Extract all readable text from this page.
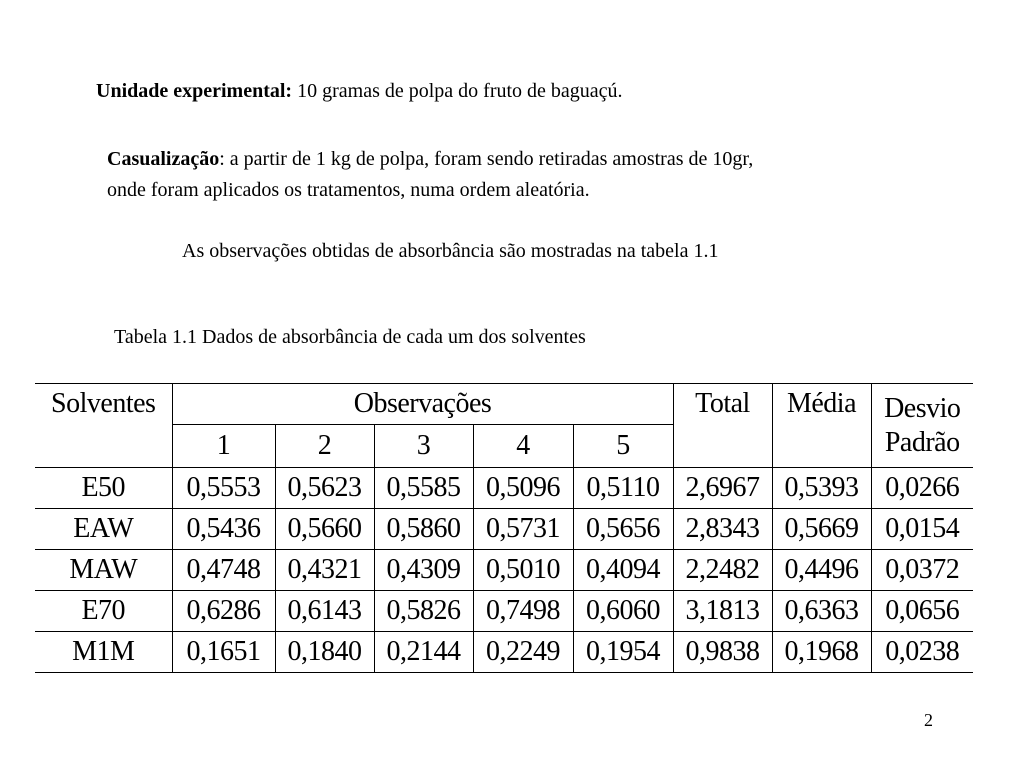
Unidade experimental: 10 gramas de polpa do fruto de baguaçú.
Casualização: a partir de 1 kg de polpa, foram sendo retiradas amostras de 10gr,
onde foram aplicados os tratamentos, numa ordem aleatória.
As observações obtidas de absorbância são mostradas na tabela 1.1
Tabela 1.1 Dados de absorbância de cada um dos solventes
Solventes	Observações					Total	Média	Desvio
Padrão
	1	2	3	4	5			
E50	0,5553	0,5623	0,5585	0,5096	0,5110	2,6967	0,5393	0,0266
EAW	0,5436	0,5660	0,5860	0,5731	0,5656	2,8343	0,5669	0,0154
MAW	0,4748	0,4321	0,4309	0,5010	0,4094	2,2482	0,4496	0,0372
E70	0,6286	0,6143	0,5826	0,7498	0,6060	3,1813	0,6363	0,0656
M1M	0,1651	0,1840	0,2144	0,2249	0,1954	0,9838	0,1968	0,0238
2
